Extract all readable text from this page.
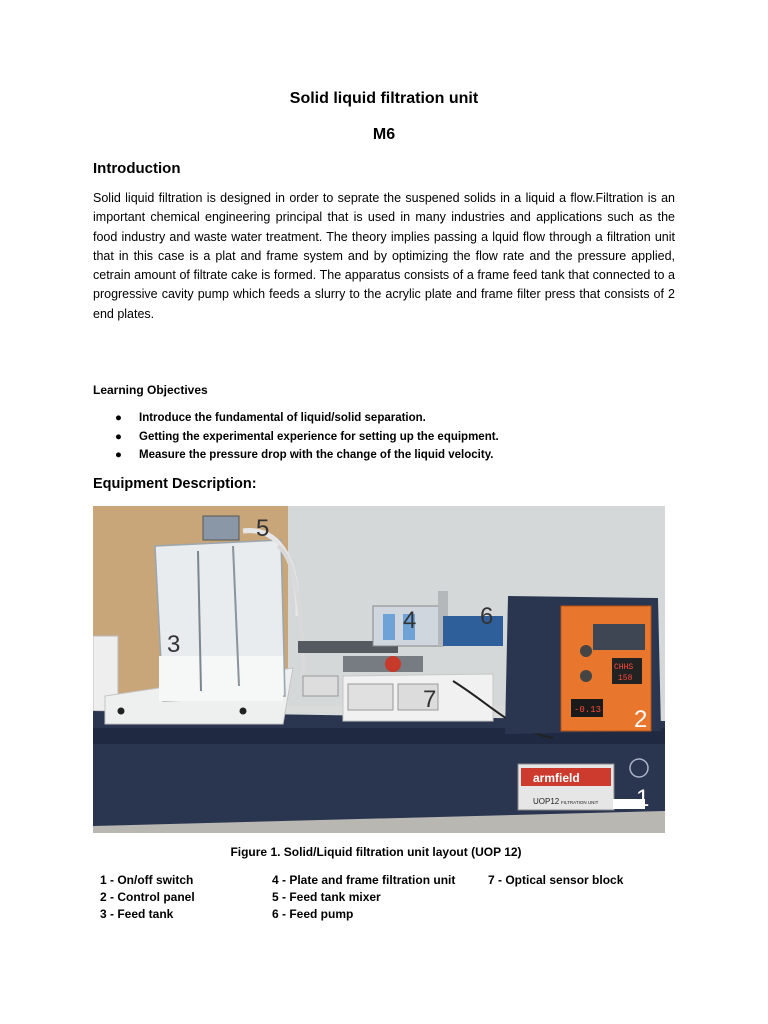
Solid liquid filtration unit
M6
Introduction
Solid liquid filtration is designed in order to seprate the suspened solids in a liquid a flow.Filtration is an important chemical engineering principal that is used in many industries and applications such as the food industry and waste water treatment. The theory implies passing a lquid flow through a filtration unit that in this case is a plat and frame system and by optimizing the flow rate and the pressure applied, cetrain amount of filtrate cake is formed. The apparatus consists of a frame feed tank that connected to a progressive cavity pump which feeds a slurry to the acrylic plate and frame filter press that consists of 2 end plates.
Learning Objectives
● Introduce the fundamental of liquid/solid separation.
● Getting the experimental experience for setting up the equipment.
● Measure the pressure drop with the change of the liquid velocity.
Equipment Description:
CHHS
158
-0.13
armfield
UOP12 FILTRATION UNIT 1
2
3
4
5
6
7
Figure 1. Solid/Liquid filtration unit layout (UOP 12)
1 - On/off switch
2 - Control panel
3 - Feed tank
4 - Plate and frame filtration unit
5 - Feed tank mixer
6 - Feed pump
7 - Optical sensor block
